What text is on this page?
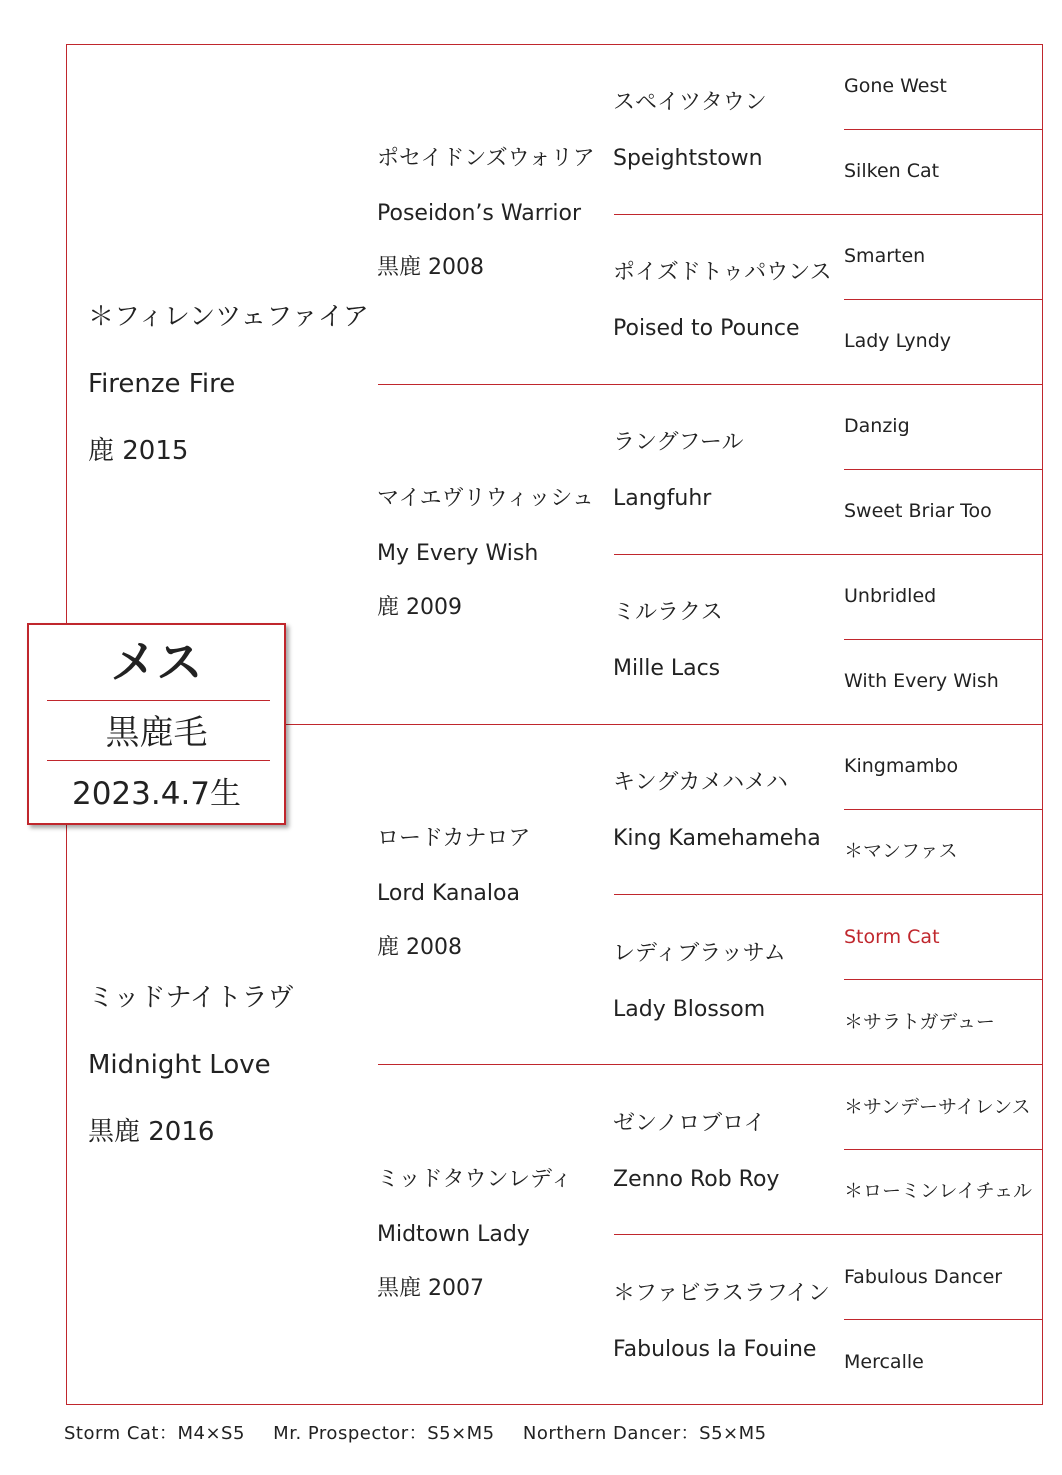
メス
黒鹿毛
2023.4.7生
＊フィレンツェファイア
Firenze Fire
鹿 2015
ミッドナイトラヴ
Midnight Love
黒鹿 2016
ポセイドンズウォリア
Poseidon’s Warrior
黒鹿 2008
マイエヴリウィッシュ
My Every Wish
鹿 2009
ロードカナロア
Lord Kanaloa
鹿 2008
ミッドタウンレディ
Midtown Lady
黒鹿 2007
スペイツタウン
Speightstown
ポイズドトゥパウンス
Poised to Pounce
ラングフール
Langfuhr
ミルラクス
Mille Lacs
キングカメハメハ
King Kamehameha
レディブラッサム
Lady Blossom
ゼンノロブロイ
Zenno Rob Roy
＊ファビラスラフイン
Fabulous la Fouine
Gone West
Silken Cat
Smarten
Lady Lyndy
Danzig
Sweet Briar Too
Unbridled
With Every Wish
Kingmambo
＊マンファス
Storm Cat
＊サラトガデュー
＊サンデーサイレンス
＊ローミンレイチェル
Fabulous Dancer
Mercalle
Storm Cat：M4×S5 Mr. Prospector：S5×M5 Northern Dancer：S5×M5
